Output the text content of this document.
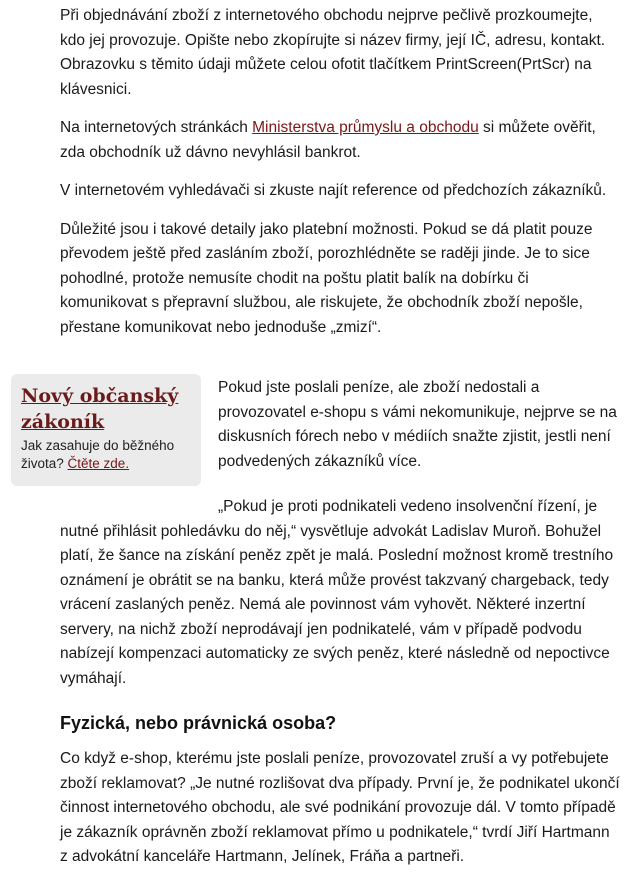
Při objednávání zboží z internetového obchodu nejprve pečlivě prozkoumejte, kdo jej provozuje. Opište nebo zkopírujte si název firmy, její IČ, adresu, kontakt. Obrazovku s těmito údaji můžete celou ofotit tlačítkem PrintScreen(PrtScr) na klávesnici.

Na internetových stránkách Ministerstva průmyslu a obchodu si můžete ověřit, zda obchodník už dávno nevyhlásil bankrot.

V internetovém vyhledávači si zkuste najít reference od předchozích zákazníků.

Důležité jsou i takové detaily jako platební možnosti. Pokud se dá platit pouze převodem ještě před zasláním zboží, porozhlédněte se raději jinde. Je to sice pohodlné, protože nemusíte chodit na poštu platit balík na dobírku či komunikovat s přepravní službou, ale riskujete, že obchodník zboží nepošle, přestane komunikovat nebo jednoduše „zmizí“.

Nový občanský zákoník
Jak zasahuje do běžného života? Čtěte zde.

Pokud jste poslali peníze, ale zboží nedostali a provozovatel e-shopu s vámi nekomunikuje, nejprve se na diskusních fórech nebo v médiích snažte zjistit, jestli není podvedených zákazníků více.

„Pokud je proti podnikateli vedeno insolvenční řízení, je nutné přihlásit pohledávku do něj,“ vysvětluje advokát Ladislav Muroň. Bohužel platí, že šance na získání peněz zpět je malá. Poslední možnost kromě trestního oznámení je obrátit se na banku, která může provést takzvaný chargeback, tedy vrácení zaslaných peněz. Nemá ale povinnost vám vyhovět. Některé inzertní servery, na nichž zboží neprodávají jen podnikatelé, vám v případě podvodu nabízejí kompenzaci automaticky ze svých peněz, které následně od nepoctivce vymáhají.

Fyzická, nebo právnická osoba?

Co když e-shop, kterému jste poslali peníze, provozovatel zruší a vy potřebujete zboží reklamovat? „Je nutné rozlišovat dva případy. První je, že podnikatel ukončí činnost internetového obchodu, ale své podnikání provozuje dál. V tomto případě je zákazník oprávněn zboží reklamovat přímo u podnikatele,“ tvrdí Jiří Hartmann z advokátní kanceláře Hartmann, Jelínek, Fráňa a partneři.
